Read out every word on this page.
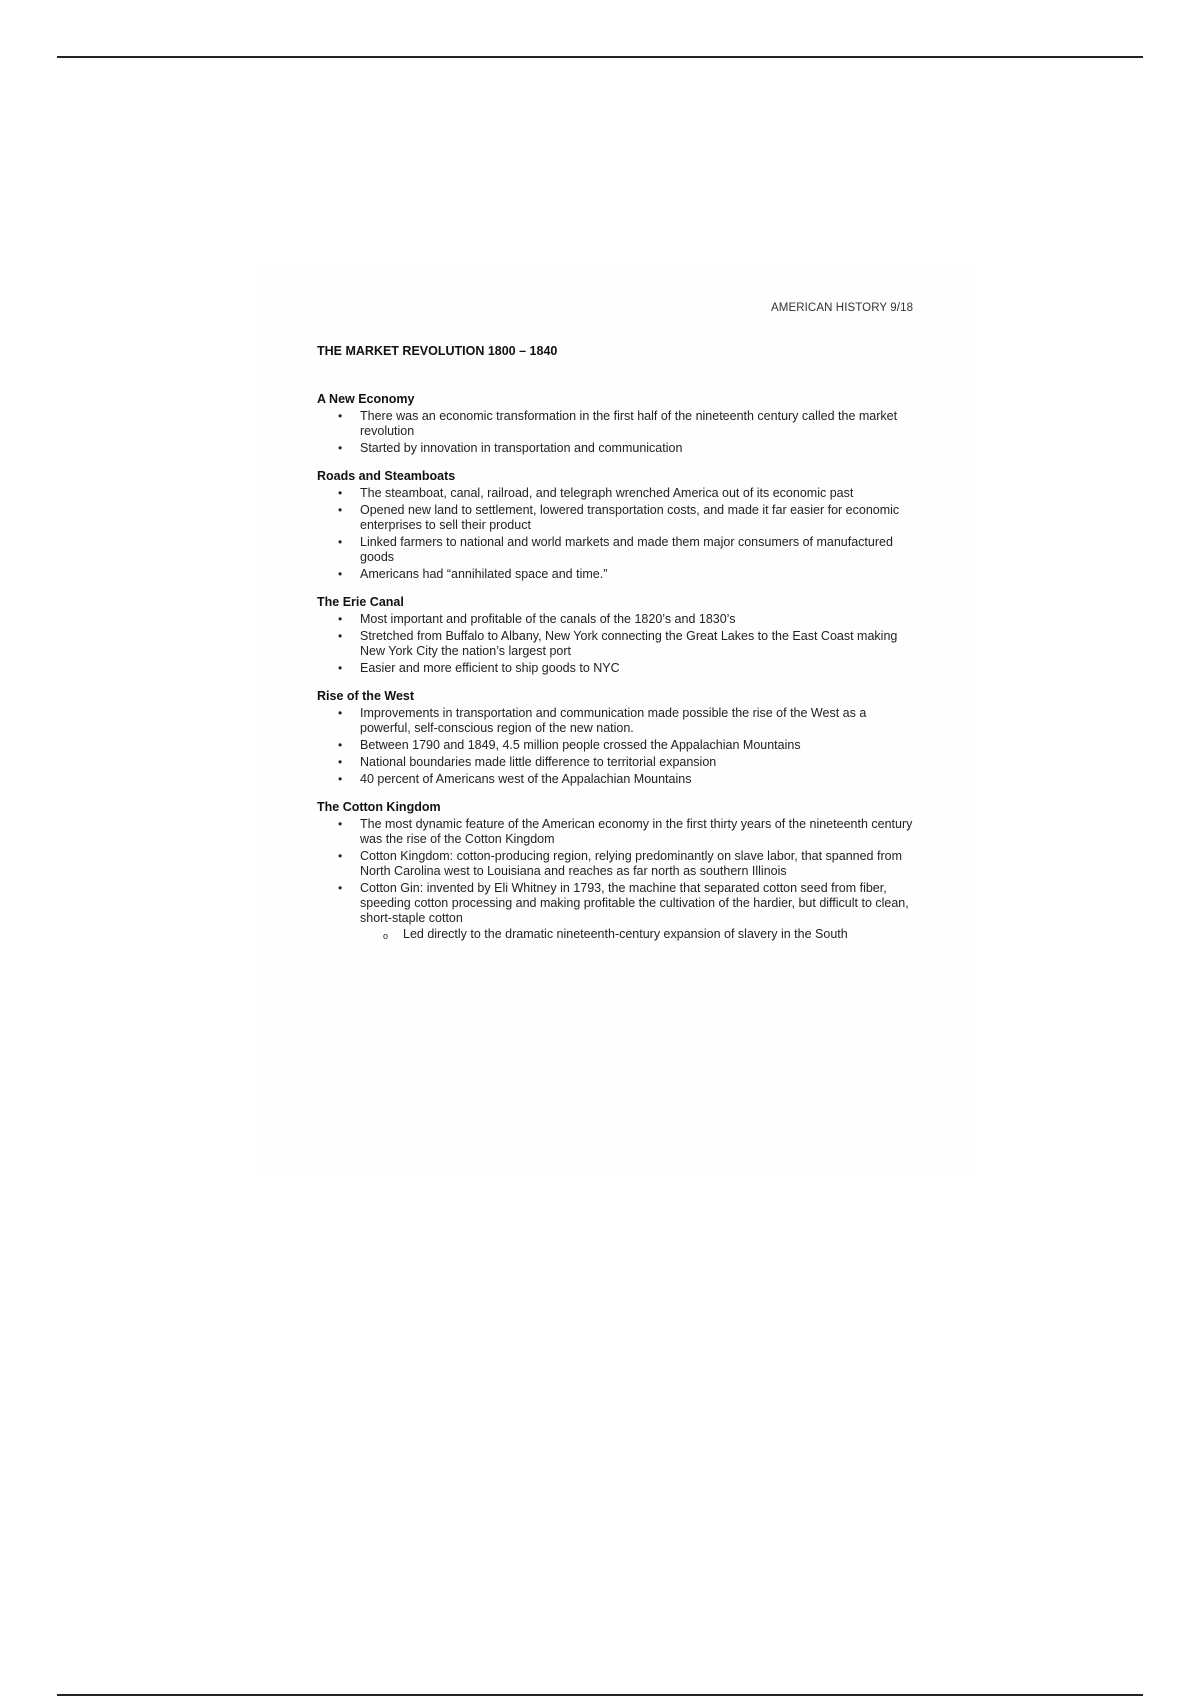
AMERICAN HISTORY 9/18
THE MARKET REVOLUTION 1800 – 1840
A New Economy
• There was an economic transformation in the first half of the nineteenth century called the market revolution
• Started by innovation in transportation and communication
Roads and Steamboats
• The steamboat, canal, railroad, and telegraph wrenched America out of its economic past
• Opened new land to settlement, lowered transportation costs, and made it far easier for economic enterprises to sell their product
• Linked farmers to national and world markets and made them major consumers of manufactured goods
• Americans had “annihilated space and time.”
The Erie Canal
• Most important and profitable of the canals of the 1820’s and 1830’s
• Stretched from Buffalo to Albany, New York connecting the Great Lakes to the East Coast making New York City the nation’s largest port
• Easier and more efficient to ship goods to NYC
Rise of the West
• Improvements in transportation and communication made possible the rise of the West as a powerful, self-conscious region of the new nation.
• Between 1790 and 1849, 4.5 million people crossed the Appalachian Mountains
• National boundaries made little difference to territorial expansion
• 40 percent of Americans west of the Appalachian Mountains
The Cotton Kingdom
• The most dynamic feature of the American economy in the first thirty years of the nineteenth century was the rise of the Cotton Kingdom
• Cotton Kingdom: cotton-producing region, relying predominantly on slave labor, that spanned from North Carolina west to Louisiana and reaches as far north as southern Illinois
• Cotton Gin: invented by Eli Whitney in 1793, the machine that separated cotton seed from fiber, speeding cotton processing and making profitable the cultivation of the hardier, but difficult to clean, short-staple cotton
o Led directly to the dramatic nineteenth-century expansion of slavery in the South
